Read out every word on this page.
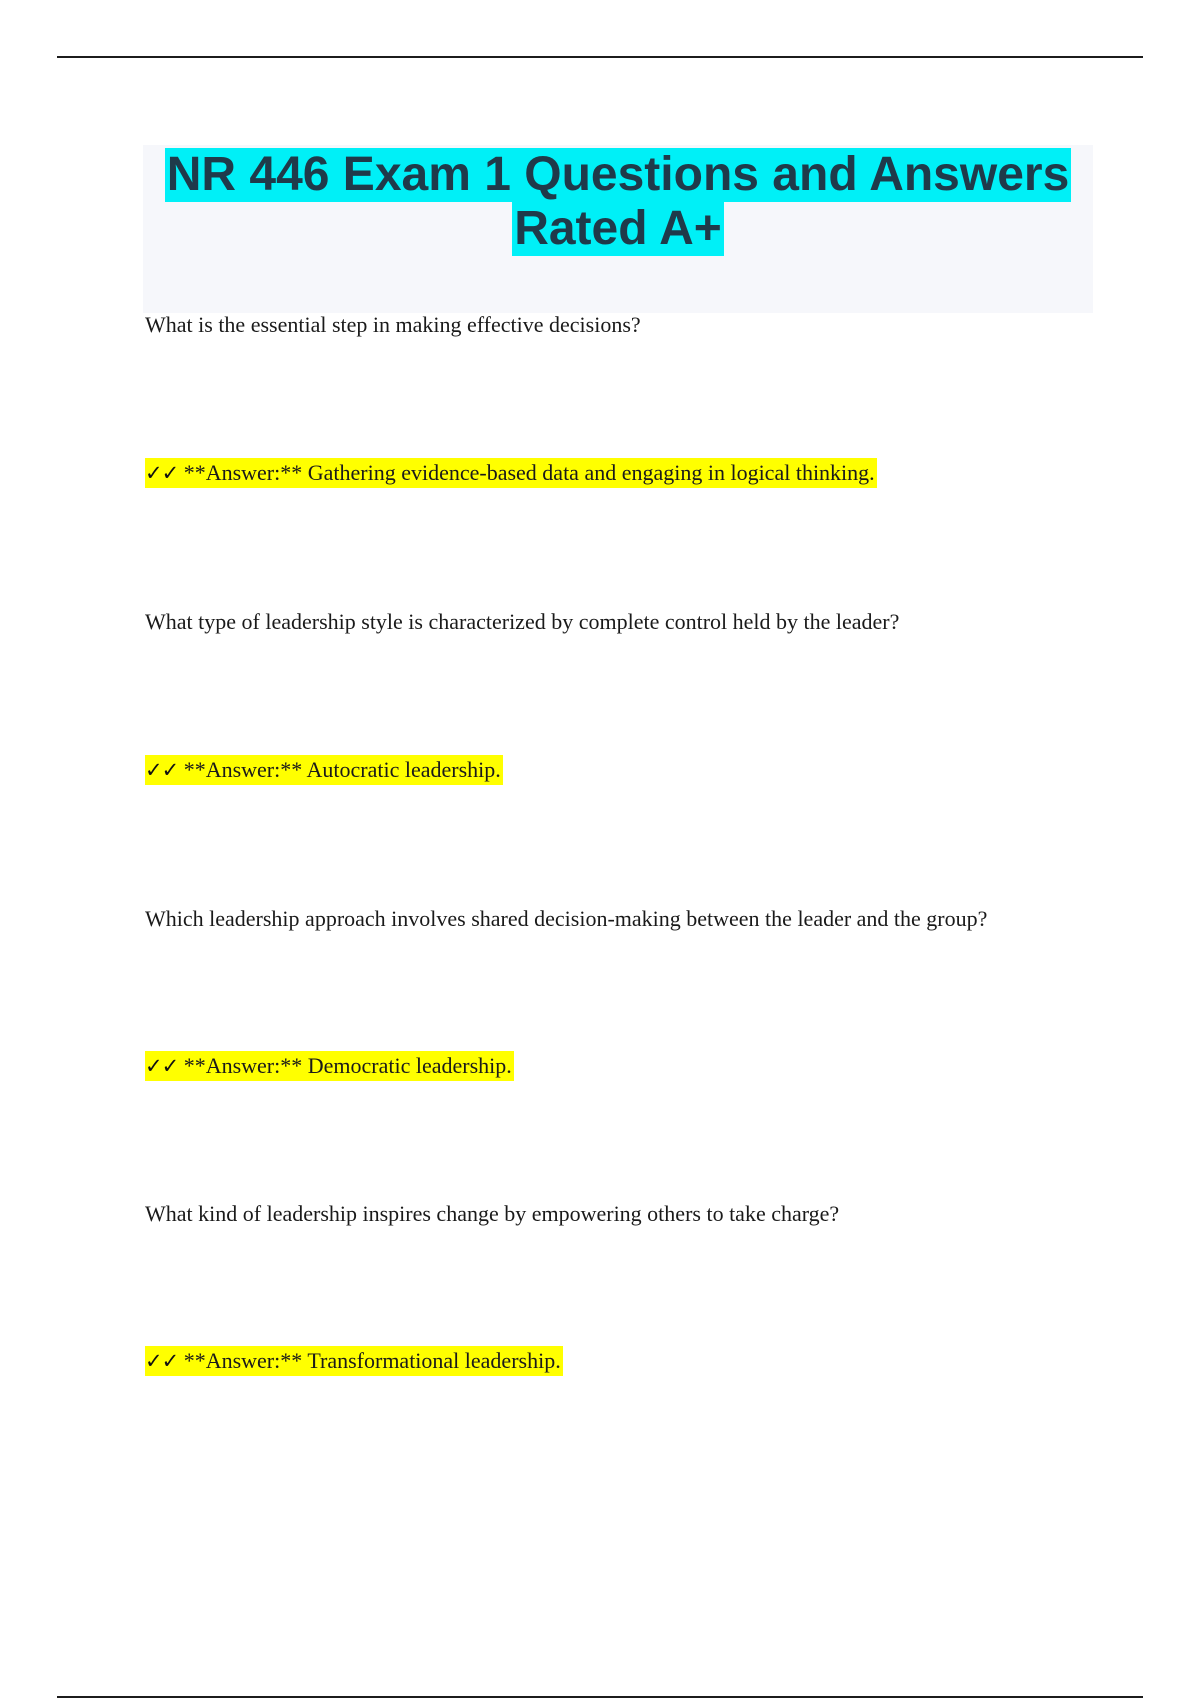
NR 446 Exam 1 Questions and Answers
Rated A+
What is the essential step in making effective decisions?
✓✓ **Answer:** Gathering evidence-based data and engaging in logical thinking.
What type of leadership style is characterized by complete control held by the leader?
✓✓ **Answer:** Autocratic leadership.
Which leadership approach involves shared decision-making between the leader and the group?
✓✓ **Answer:** Democratic leadership.
What kind of leadership inspires change by empowering others to take charge?
✓✓ **Answer:** Transformational leadership.
